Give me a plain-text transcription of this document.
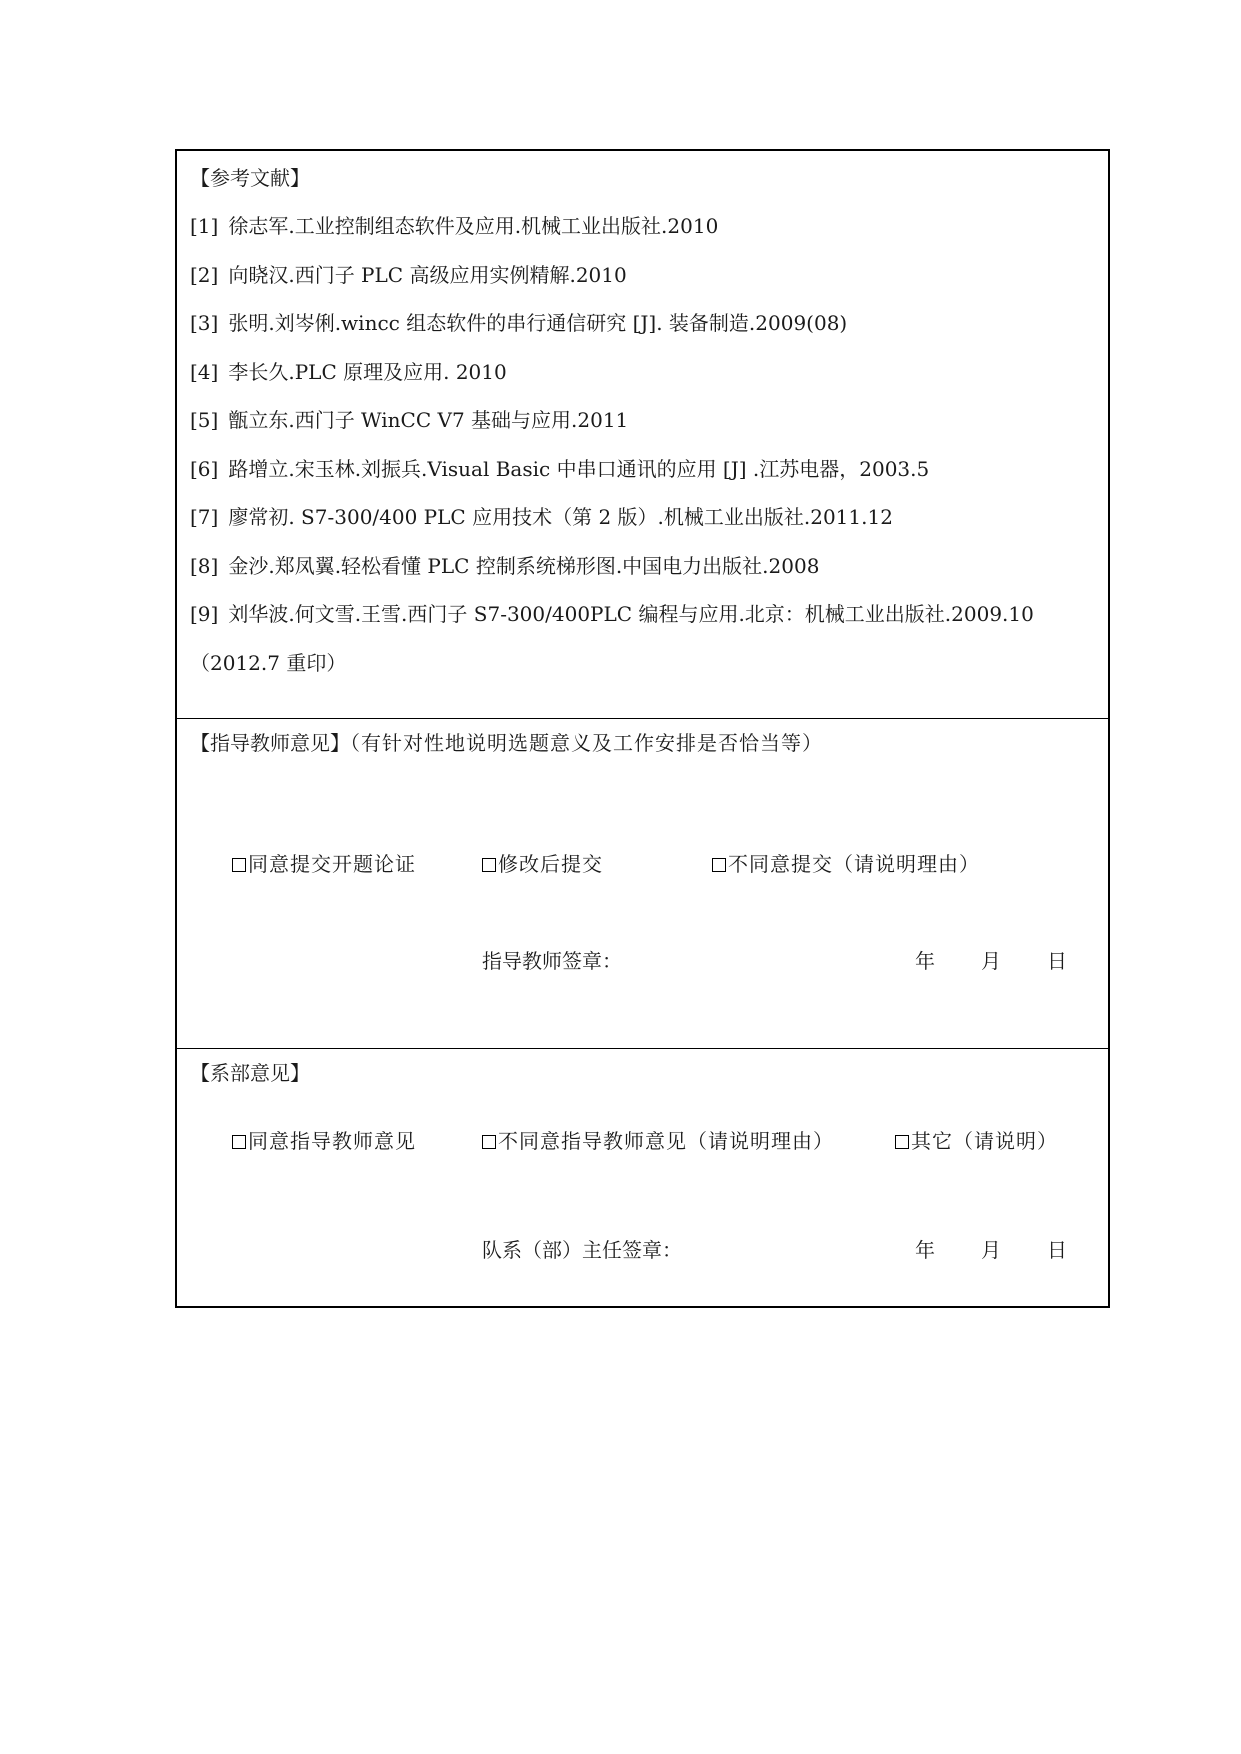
【参考文献】
[1] 徐志军.工业控制组态软件及应用.机械工业出版社.2010
[2] 向晓汉.西门子 PLC 高级应用实例精解.2010
[3] 张明.刘岑俐.wincc 组态软件的串行通信研究 [J]. 装备制造.2009(08)
[4] 李长久.PLC 原理及应用. 2010
[5] 甑立东.西门子 WinCC V7 基础与应用.2011
[6] 路增立.宋玉林.刘振兵.Visual Basic 中串口通讯的应用 [J] .江苏电器，2003.5
[7] 廖常初. S7-300/400 PLC 应用技术（第 2 版）.机械工业出版社.2011.12
[8] 金沙.郑凤翼.轻松看懂 PLC 控制系统梯形图.中国电力出版社.2008
[9] 刘华波.何文雪.王雪.西门子 S7-300/400PLC 编程与应用.北京：机械工业出版社.2009.10
（2012.7 重印）
【指导教师意见】（有针对性地说明选题意义及工作安排是否恰当等）
同意提交开题论证	修改后提交	不同意提交（请说明理由）
指导教师签章：	年 月 日
【系部意见】
同意指导教师意见	不同意指导教师意见（请说明理由）	其它（请说明）
队系（部）主任签章：	年 月 日
